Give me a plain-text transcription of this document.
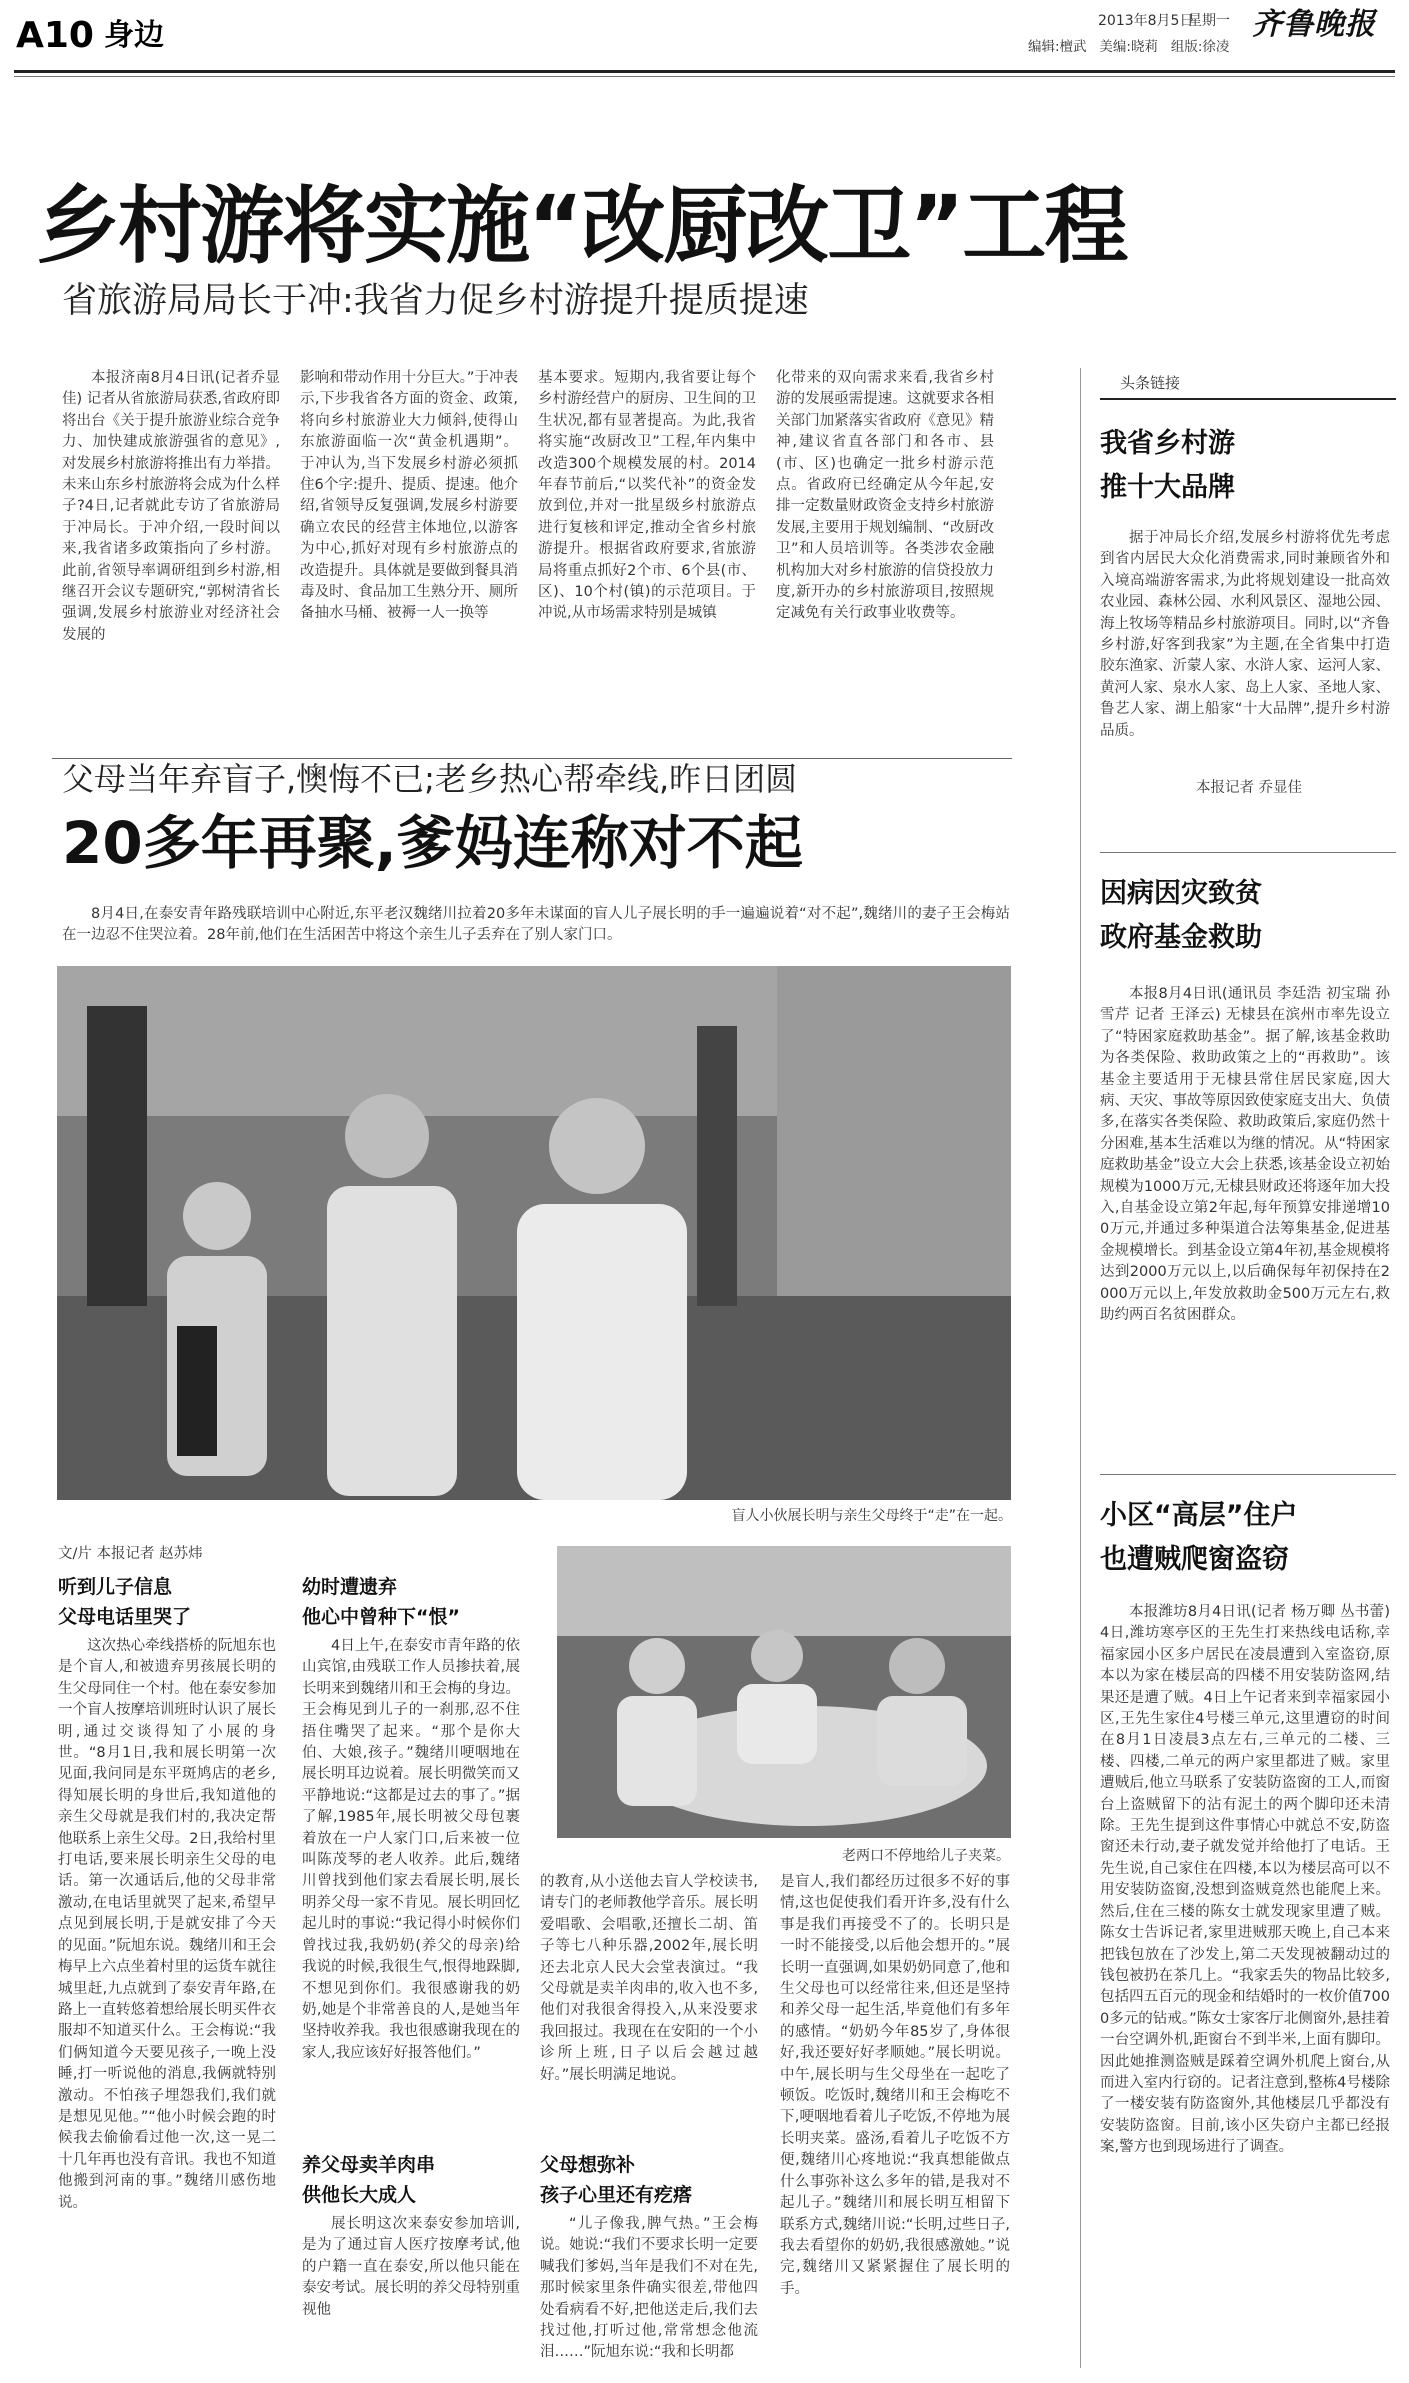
A10 身边	2013年8月5日
星期一 齐鲁晚报
编辑:檀武   美编:晓莉   组版:徐凌
乡村游将实施“改厨改卫”工程
省旅游局局长于冲:我省力促乡村游提升提质提速

本报济南8月4日讯(记者乔显佳) 记者从省旅游局获悉,省政府即将出台《关于提升旅游业综合竞争力、加快建成旅游强省的意见》,对发展乡村旅游将推出有力举措。未来山东乡村旅游将会成为什么样子?4日,记者就此专访了省旅游局于冲局长。于冲介绍,一段时间以来,我省诸多政策指向了乡村游。此前,省领导率调研组到乡村游,相继召开会议专题研究,“郭树清省长强调,发展乡村旅游业对经济社会发展的

影响和带动作用十分巨大。”于冲表示,下步我省各方面的资金、政策,将向乡村旅游业大力倾斜,使得山东旅游面临一次“黄金机遇期”。于冲认为,当下发展乡村游必须抓住6个字:提升、提质、提速。他介绍,省领导反复强调,发展乡村游要确立农民的经营主体地位,以游客为中心,抓好对现有乡村旅游点的改造提升。具体就是要做到餐具消毒及时、食品加工生熟分开、厕所备抽水马桶、被褥一人一换等

基本要求。短期内,我省要让每个乡村游经营户的厨房、卫生间的卫生状况,都有显著提高。为此,我省将实施“改厨改卫”工程,年内集中改造300个规模发展的村。2014年春节前后,“以奖代补”的资金发放到位,并对一批星级乡村旅游点进行复核和评定,推动全省乡村旅游提升。根据省政府要求,省旅游局将重点抓好2个市、6个县(市、区)、10个村(镇)的示范项目。于冲说,从市场需求特别是城镇

化带来的双向需求来看,我省乡村游的发展亟需提速。这就要求各相关部门加紧落实省政府《意见》精神,建议省直各部门和各市、县(市、区)也确定一批乡村游示范点。省政府已经确定从今年起,安排一定数量财政资金支持乡村旅游发展,主要用于规划编制、“改厨改卫”和人员培训等。各类涉农金融机构加大对乡村旅游的信贷投放力度,新开办的乡村旅游项目,按照规定减免有关行政事业收费等。

父母当年弃盲子,懊悔不已;老乡热心帮牵线,昨日团圆
20多年再聚,爹妈连称对不起

8月4日,在泰安青年路残联培训中心附近,东平老汉魏绪川拉着20多年未谋面的盲人儿子展长明的手一遍遍说着“对不起”,魏绪川的妻子王会梅站在一边忍不住哭泣着。28年前,他们在生活困苦中将这个亲生儿子丢弃在了别人家门口。

盲人小伙展长明与亲生父母终于“走”在一起。
文/片 本报记者 赵苏炜
老两口不停地给儿子夹菜。
听到儿子信息
父母电话里哭了

这次热心牵线搭桥的阮旭东也是个盲人,和被遗弃男孩展长明的生父母同住一个村。他在泰安参加一个盲人按摩培训班时认识了展长明,通过交谈得知了小展的身世。“8月1日,我和展长明第一次见面,我问同是东平斑鸠店的老乡,得知展长明的身世后,我知道他的亲生父母就是我们村的,我决定帮他联系上亲生父母。2日,我给村里打电话,要来展长明亲生父母的电话。第一次通话后,他的父母非常激动,在电话里就哭了起来,希望早点见到展长明,于是就安排了今天的见面。”阮旭东说。魏绪川和王会梅早上六点坐着村里的运货车就往城里赶,九点就到了泰安青年路,在路上一直转悠着想给展长明买件衣服却不知道买什么。王会梅说:“我们俩知道今天要见孩子,一晚上没睡,打一听说他的消息,我俩就特别激动。不怕孩子埋怨我们,我们就是想见见他。”“他小时候会跑的时候我去偷偷看过他一次,这一晃二十几年再也没有音讯。我也不知道他搬到河南的事。”魏绪川感伤地说。

幼时遭遗弃
他心中曾种下“恨”

4日上午,在泰安市青年路的依山宾馆,由残联工作人员掺扶着,展长明来到魏绪川和王会梅的身边。王会梅见到儿子的一刹那,忍不住捂住嘴哭了起来。“那个是你大伯、大娘,孩子。”魏绪川哽咽地在展长明耳边说着。展长明微笑而又平静地说:“这都是过去的事了。”据了解,1985年,展长明被父母包裹着放在一户人家门口,后来被一位叫陈茂琴的老人收养。此后,魏绪川曾找到他们家去看展长明,展长明养父母一家不肯见。展长明回忆起儿时的事说:“我记得小时候你们曾找过我,我奶奶(养父的母亲)给我说的时候,我很生气,恨得地跺脚,不想见到你们。我很感谢我的奶奶,她是个非常善良的人,是她当年坚持收养我。我也很感谢我现在的家人,我应该好好报答他们。”

养父母卖羊肉串
供他长大成人

展长明这次来泰安参加培训,是为了通过盲人医疗按摩考试,他的户籍一直在泰安,所以他只能在泰安考试。展长明的养父母特别重视他

的教育,从小送他去盲人学校读书,请专门的老师教他学音乐。展长明爱唱歌、会唱歌,还擅长二胡、笛子等七八种乐器,2002年,展长明还去北京人民大会堂表演过。“我父母就是卖羊肉串的,收入也不多,他们对我很舍得投入,从来没要求我回报过。我现在在安阳的一个小诊所上班,日子以后会越过越好。”展长明满足地说。

父母想弥补
孩子心里还有疙瘩

“儿子像我,脾气热。”王会梅说。她说:“我们不要求长明一定要喊我们爹妈,当年是我们不对在先,那时候家里条件确实很差,带他四处看病看不好,把他送走后,我们去找过他,打听过他,常常想念他流泪……”阮旭东说:“我和长明都

是盲人,我们都经历过很多不好的事情,这也促使我们看开许多,没有什么事是我们再接受不了的。长明只是一时不能接受,以后他会想开的。”展长明一直强调,如果奶奶同意了,他和生父母也可以经常往来,但还是坚持和养父母一起生活,毕竟他们有多年的感情。“奶奶今年85岁了,身体很好,我还要好好孝顺她。”展长明说。中午,展长明与生父母坐在一起吃了顿饭。吃饭时,魏绪川和王会梅吃不下,哽咽地看着儿子吃饭,不停地为展长明夹菜。盛汤,看着儿子吃饭不方便,魏绪川心疼地说:“我真想能做点什么事弥补这么多年的错,是我对不起儿子。”魏绪川和展长明互相留下联系方式,魏绪川说:“长明,过些日子,我去看望你的奶奶,我很感激她。”说完,魏绪川又紧紧握住了展长明的手。

头条链接
我省乡村游
推十大品牌

据于冲局长介绍,发展乡村游将优先考虑到省内居民大众化消费需求,同时兼顾省外和入境高端游客需求,为此将规划建设一批高效农业园、森林公园、水利风景区、湿地公园、海上牧场等精品乡村旅游项目。同时,以“齐鲁乡村游,好客到我家”为主题,在全省集中打造胶东渔家、沂蒙人家、水浒人家、运河人家、黄河人家、泉水人家、岛上人家、圣地人家、鲁艺人家、湖上船家“十大品牌”,提升乡村游品质。

本报记者 乔显佳
因病因灾致贫
政府基金救助

本报8月4日讯(通讯员 李廷浩 初宝瑞 孙雪芹 记者 王泽云) 无棣县在滨州市率先设立了“特困家庭救助基金”。据了解,该基金救助为各类保险、救助政策之上的“再救助”。该基金主要适用于无棣县常住居民家庭,因大病、天灾、事故等原因致使家庭支出大、负债多,在落实各类保险、救助政策后,家庭仍然十分困难,基本生活难以为继的情况。从“特困家庭救助基金”设立大会上获悉,该基金设立初始规模为1000万元,无棣县财政还将逐年加大投入,自基金设立第2年起,每年预算安排递增100万元,并通过多种渠道合法筹集基金,促进基金规模增长。到基金设立第4年初,基金规模将达到2000万元以上,以后确保每年初保持在2000万元以上,年发放救助金500万元左右,救助约两百名贫困群众。

小区“高层”住户
也遭贼爬窗盗窃

本报潍坊8月4日讯(记者 杨万卿 丛书蕾) 4日,潍坊寒亭区的王先生打来热线电话称,幸福家园小区多户居民在凌晨遭到入室盗窃,原本以为家在楼层高的四楼不用安装防盗网,结果还是遭了贼。4日上午记者来到幸福家园小区,王先生家住4号楼三单元,这里遭窃的时间在8月1日凌晨3点左右,三单元的二楼、三楼、四楼,二单元的两户家里都进了贼。家里遭贼后,他立马联系了安装防盗窗的工人,而窗台上盗贼留下的沾有泥土的两个脚印还未清除。王先生提到这件事情心中就总不安,防盗窗还未行动,妻子就发觉并给他打了电话。王先生说,自己家住在四楼,本以为楼层高可以不用安装防盗窗,没想到盗贼竟然也能爬上来。然后,住在三楼的陈女士就发现家里遭了贼。陈女士告诉记者,家里进贼那天晚上,自己本来把钱包放在了沙发上,第二天发现被翻动过的钱包被扔在茶几上。“我家丢失的物品比较多,包括四五百元的现金和结婚时的一枚价值7000多元的钻戒。”陈女士家客厅北侧窗外,悬挂着一台空调外机,距窗台不到半米,上面有脚印。因此她推测盗贼是踩着空调外机爬上窗台,从而进入室内行窃的。记者注意到,整栋4号楼除了一楼安装有防盗窗外,其他楼层几乎都没有安装防盗窗。目前,该小区失窃户主都已经报案,警方也到现场进行了调查。
